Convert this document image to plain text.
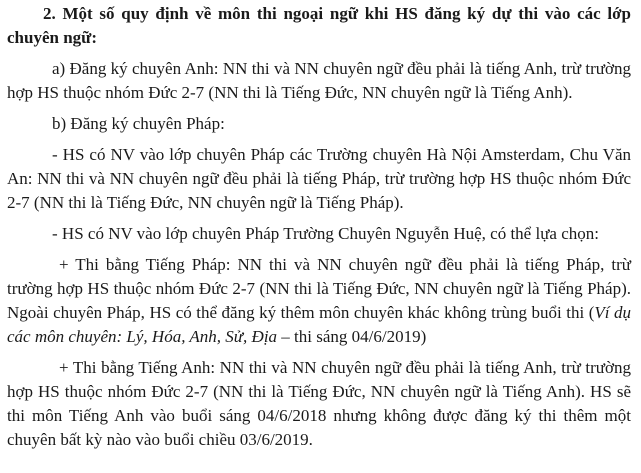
2. Một số quy định về môn thi ngoại ngữ khi HS đăng ký dự thi vào các lớp chuyên ngữ:

a) Đăng ký chuyên Anh: NN thi và NN chuyên ngữ đều phải là tiếng Anh, trừ trường hợp HS thuộc nhóm Đức 2-7 (NN thi là Tiếng Đức, NN chuyên ngữ là Tiếng Anh).

b) Đăng ký chuyên Pháp:

- HS có NV vào lớp chuyên Pháp các Trường chuyên Hà Nội Amsterdam, Chu Văn An: NN thi và NN chuyên ngữ đều phải là tiếng Pháp, trừ trường hợp HS thuộc nhóm Đức 2-7 (NN thi là Tiếng Đức, NN chuyên ngữ là Tiếng Pháp).

- HS có NV vào lớp chuyên Pháp Trường Chuyên Nguyễn Huệ, có thể lựa chọn:

+ Thi bằng Tiếng Pháp: NN thi và NN chuyên ngữ đều phải là tiếng Pháp, trừ trường hợp HS thuộc nhóm Đức 2-7 (NN thi là Tiếng Đức, NN chuyên ngữ là Tiếng Pháp). Ngoài chuyên Pháp, HS có thể đăng ký thêm môn chuyên khác không trùng buổi thi (Ví dụ các môn chuyên: Lý, Hóa, Anh, Sử, Địa – thi sáng 04/6/2019)

+ Thi bằng Tiếng Anh: NN thi và NN chuyên ngữ đều phải là tiếng Anh, trừ trường hợp HS thuộc nhóm Đức 2-7 (NN thi là Tiếng Đức, NN chuyên ngữ là Tiếng Anh). HS sẽ thi môn Tiếng Anh vào buổi sáng 04/6/2018 nhưng không được đăng ký thi thêm một chuyên bất kỳ nào vào buổi chiều 03/6/2019.
